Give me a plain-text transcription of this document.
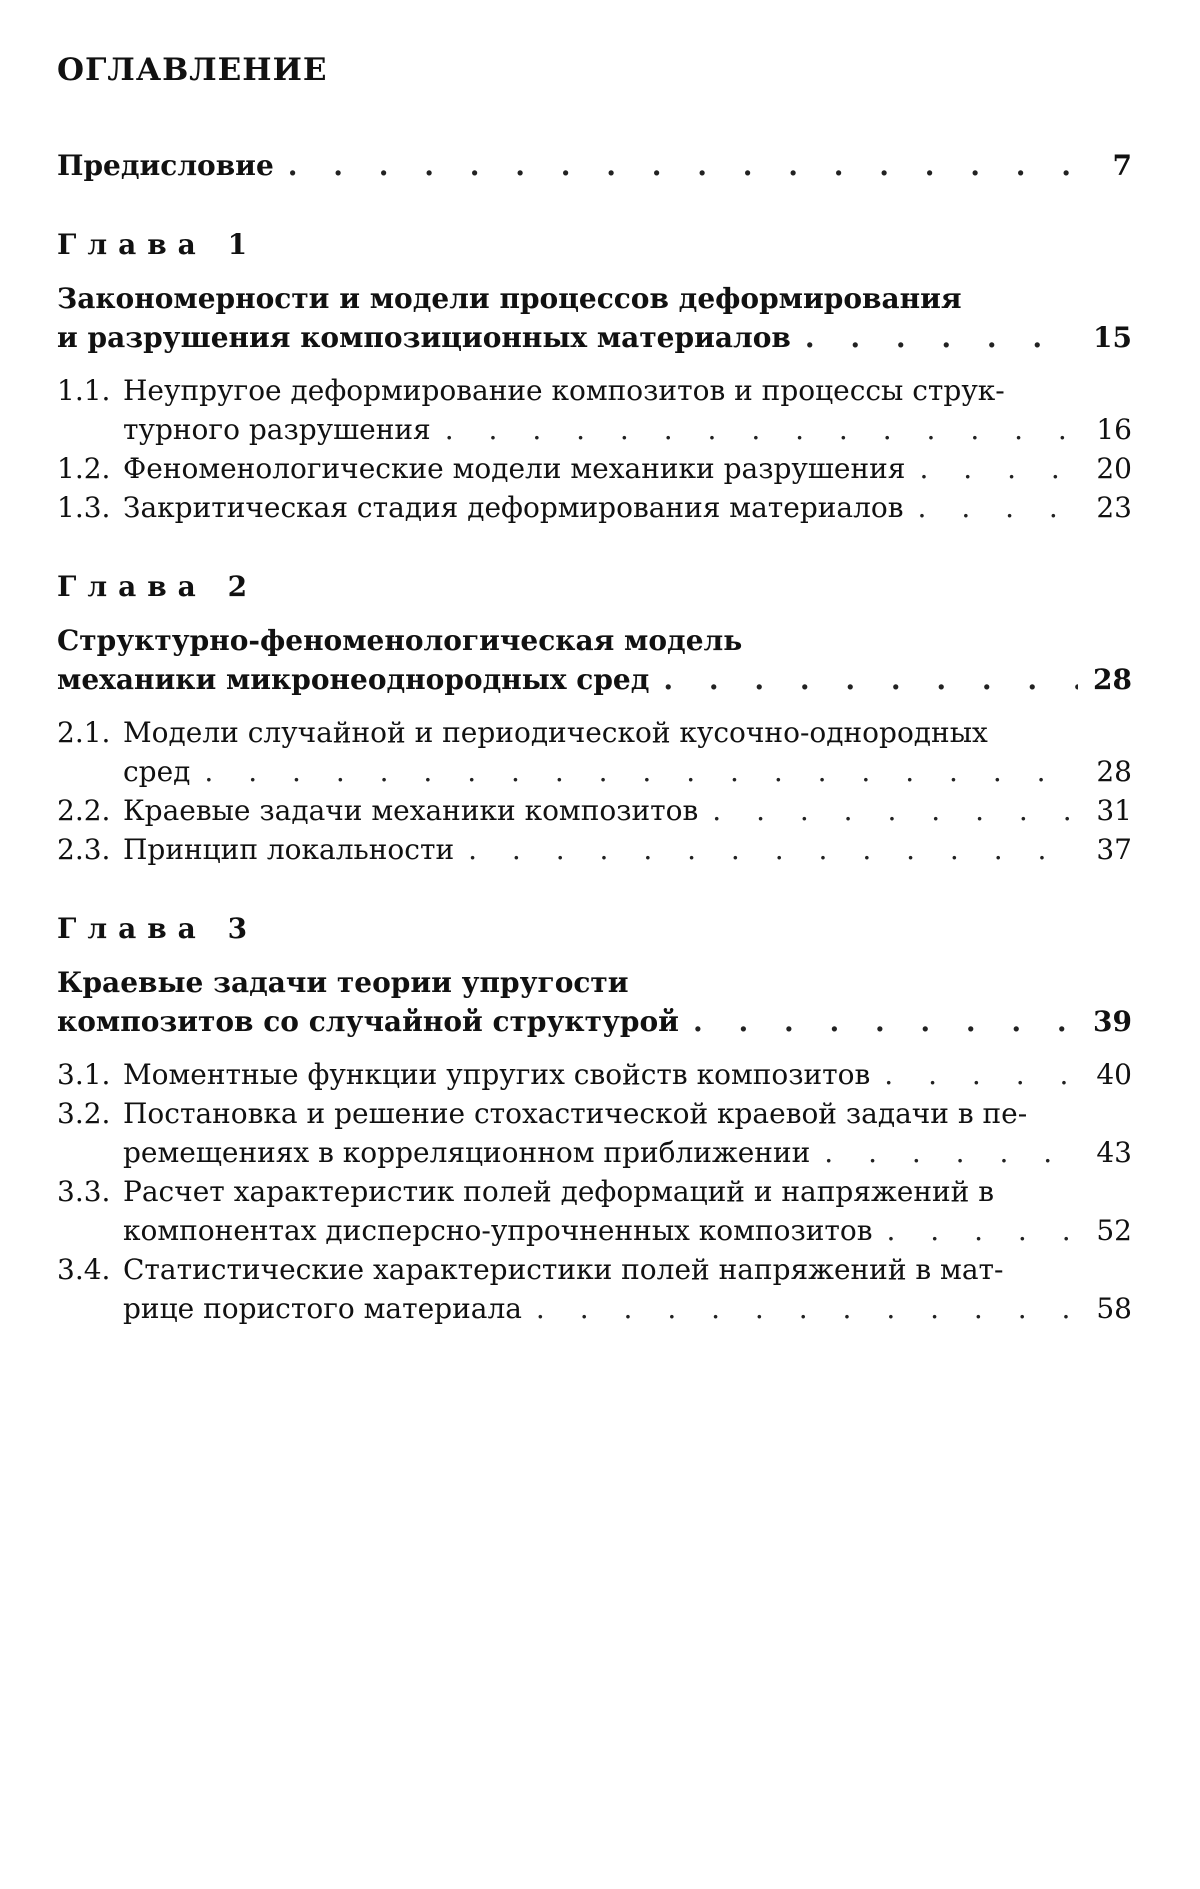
ОГЛАВЛЕНИЕ
Предисловие . . .	7
Глава 1
Закономерности и модели процессов деформирования
и разрушения композиционных материалов . . .	15
1.1. Неупругое деформирование композитов и процессы струк-
турного разрушения . . .	16
1.2. Феноменологические модели механики разрушения . . .	20
1.3. Закритическая стадия деформирования материалов . . .	23
Глава 2
Структурно-феноменологическая модель
механики микронеоднородных сред . . .	28
2.1. Модели случайной и периодической кусочно-однородных
сред . . .	28
2.2. Краевые задачи механики композитов . . .	31
2.3. Принцип локальности . . .	37
Глава 3
Краевые задачи теории упругости
композитов со случайной структурой . . .	39
3.1. Моментные функции упругих свойств композитов . . .	40
3.2. Постановка и решение стохастической краевой задачи в пе-
ремещениях в корреляционном приближении . . .	43
3.3. Расчет характеристик полей деформаций и напряжений в
компонентах дисперсно-упрочненных композитов . . .	52
3.4. Статистические характеристики полей напряжений в мат-
рице пористого материала . . .	58
